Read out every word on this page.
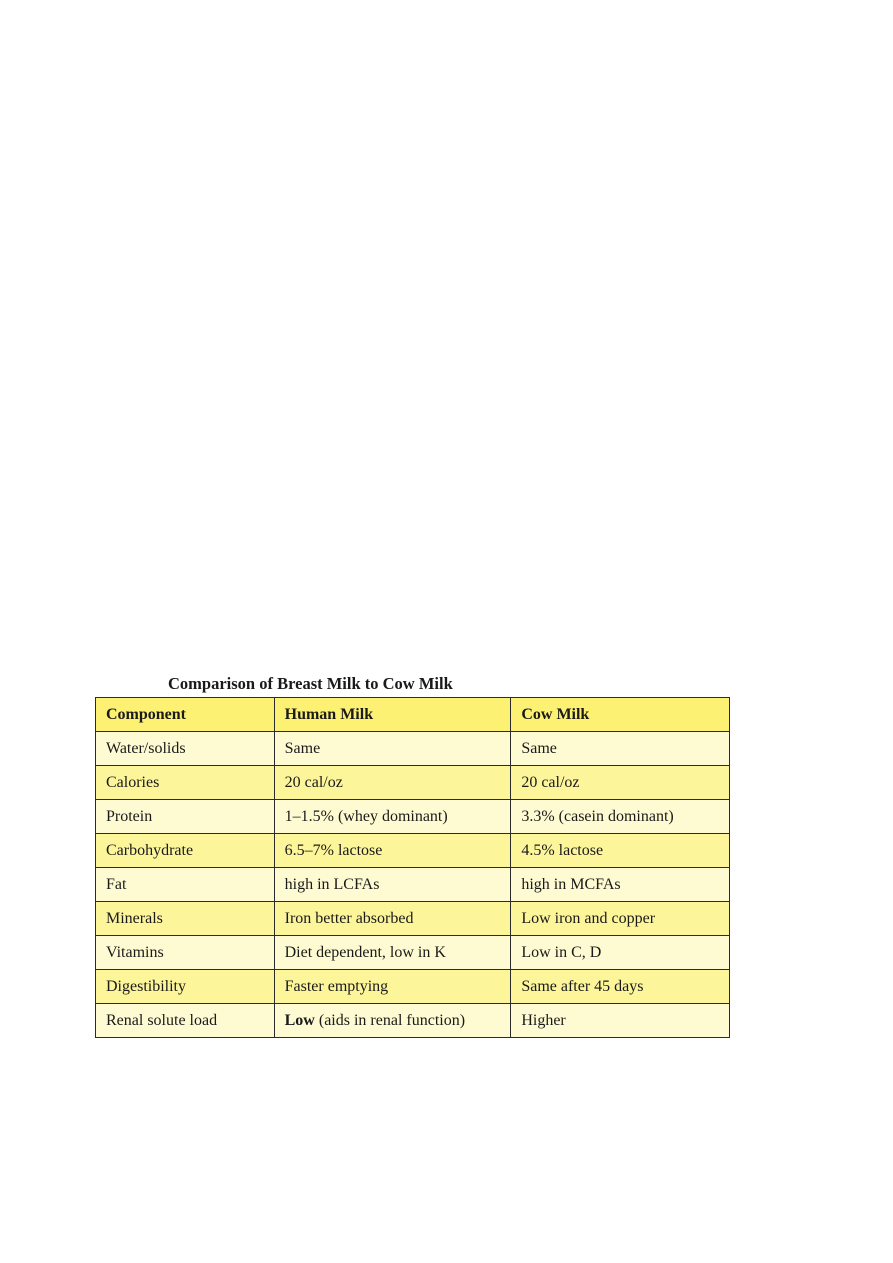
Comparison of Breast Milk to Cow Milk
Component	Human Milk	Cow Milk
Water/solids	Same	Same
Calories	20 cal/oz	20 cal/oz
Protein	1–1.5% (whey dominant)	3.3% (casein dominant)
Carbohydrate	6.5–7% lactose	4.5% lactose
Fat	high in LCFAs	high in MCFAs
Minerals	Iron better absorbed	Low iron and copper
Vitamins	Diet dependent, low in K	Low in C, D
Digestibility	Faster emptying	Same after 45 days
Renal solute load	Low (aids in renal function)	Higher
